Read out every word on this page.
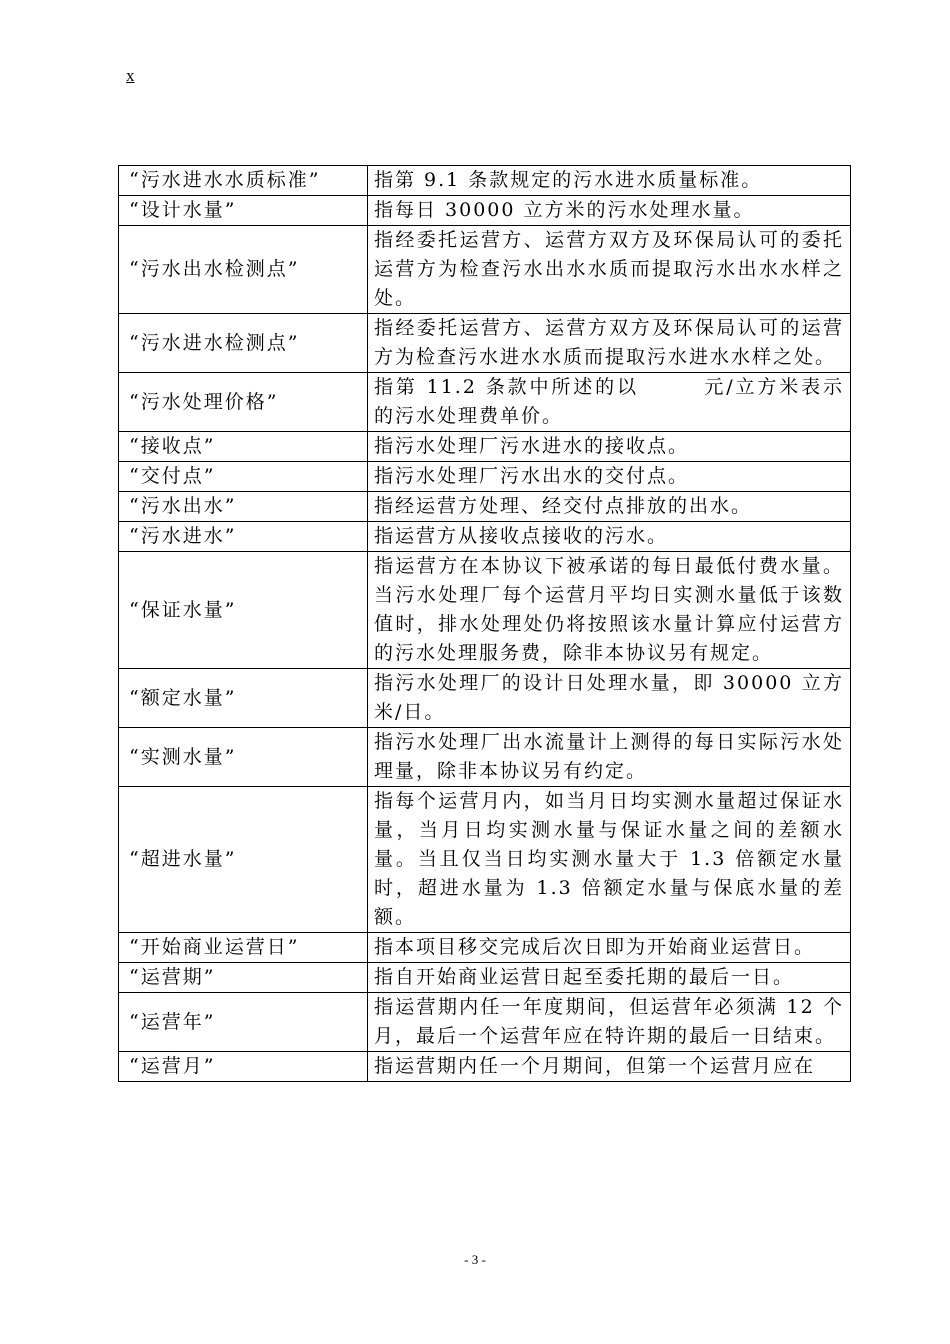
x
“污水进水水质标准”	指第 9.1 条款规定的污水进水质量标准。
“设计水量”	指每日 30000 立方米的污水处理水量。
“污水出水检测点”	指经委托运营方、运营方双方及环保局认可的委托运营方为检查污水出水水质而提取污水出水水样之处。
“污水进水检测点”	指经委托运营方、运营方双方及环保局认可的运营方为检查污水进水水质而提取污水进水水样之处。
“污水处理价格”	指第 11.2 条款中所述的以　　　元/立方米表示的污水处理费单价。
“接收点”	指污水处理厂污水进水的接收点。
“交付点”	指污水处理厂污水出水的交付点。
“污水出水”	指经运营方处理、经交付点排放的出水。
“污水进水”	指运营方从接收点接收的污水。
“保证水量”	指运营方在本协议下被承诺的每日最低付费水量。当污水处理厂每个运营月平均日实测水量低于该数值时，排水处理处仍将按照该水量计算应付运营方的污水处理服务费，除非本协议另有规定。
“额定水量”	指污水处理厂的设计日处理水量，即 30000 立方米/日。
“实测水量”	指污水处理厂出水流量计上测得的每日实际污水处理量，除非本协议另有约定。
“超进水量”	指每个运营月内，如当月日均实测水量超过保证水量，当月日均实测水量与保证水量之间的差额水量。当且仅当日均实测水量大于 1.3 倍额定水量时，超进水量为 1.3 倍额定水量与保底水量的差额。
“开始商业运营日”	指本项目移交完成后次日即为开始商业运营日。
“运营期”	指自开始商业运营日起至委托期的最后一日。
“运营年”	指运营期内任一年度期间，但运营年必须满 12 个月，最后一个运营年应在特许期的最后一日结束。
“运营月”	指运营期内任一个月期间，但第一个运营月应在
- 3 -
